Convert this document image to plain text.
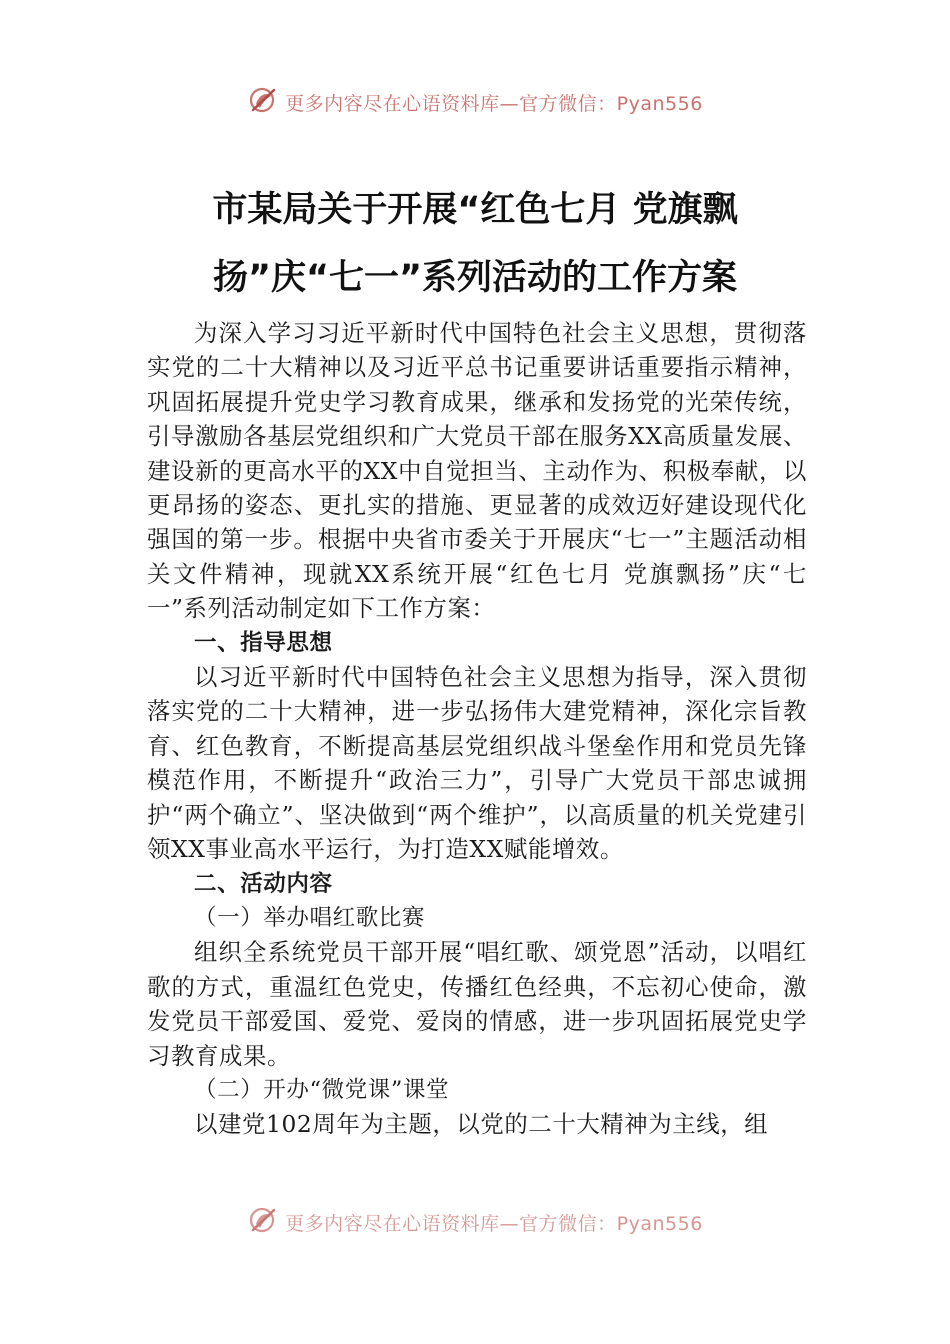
更多内容尽在心语资料库—官方微信：Pyan556
市某局关于开展“红色七月 党旗飘
扬”庆“七一”系列活动的工作方案

为深入学习习近平新时代中国特色社会主义思想，贯彻落实党的二十大精神以及习近平总书记重要讲话重要指示精神，巩固拓展提升党史学习教育成果，继承和发扬党的光荣传统，引导激励各基层党组织和广大党员干部在服务XX高质量发展、建设新的更高水平的XX中自觉担当、主动作为、积极奉献，以更昂扬的姿态、更扎实的措施、更显著的成效迈好建设现代化强国的第一步。根据中央省市委关于开展庆“七一”主题活动相关文件精神，现就XX系统开展“红色七月 党旗飘扬”庆“七一”系列活动制定如下工作方案：

一、指导思想

以习近平新时代中国特色社会主义思想为指导，深入贯彻落实党的二十大精神，进一步弘扬伟大建党精神，深化宗旨教育、红色教育，不断提高基层党组织战斗堡垒作用和党员先锋模范作用，不断提升“政治三力”，引导广大党员干部忠诚拥护“两个确立”、坚决做到“两个维护”，以高质量的机关党建引领XX事业高水平运行，为打造XX赋能增效。

二、活动内容

（一）举办唱红歌比赛

组织全系统党员干部开展“唱红歌、颂党恩”活动，以唱红歌的方式，重温红色党史，传播红色经典，不忘初心使命，激发党员干部爱国、爱党、爱岗的情感，进一步巩固拓展党史学习教育成果。

（二）开办“微党课”课堂

以建党102周年为主题，以党的二十大精神为主线，组

更多内容尽在心语资料库—官方微信：Pyan556
